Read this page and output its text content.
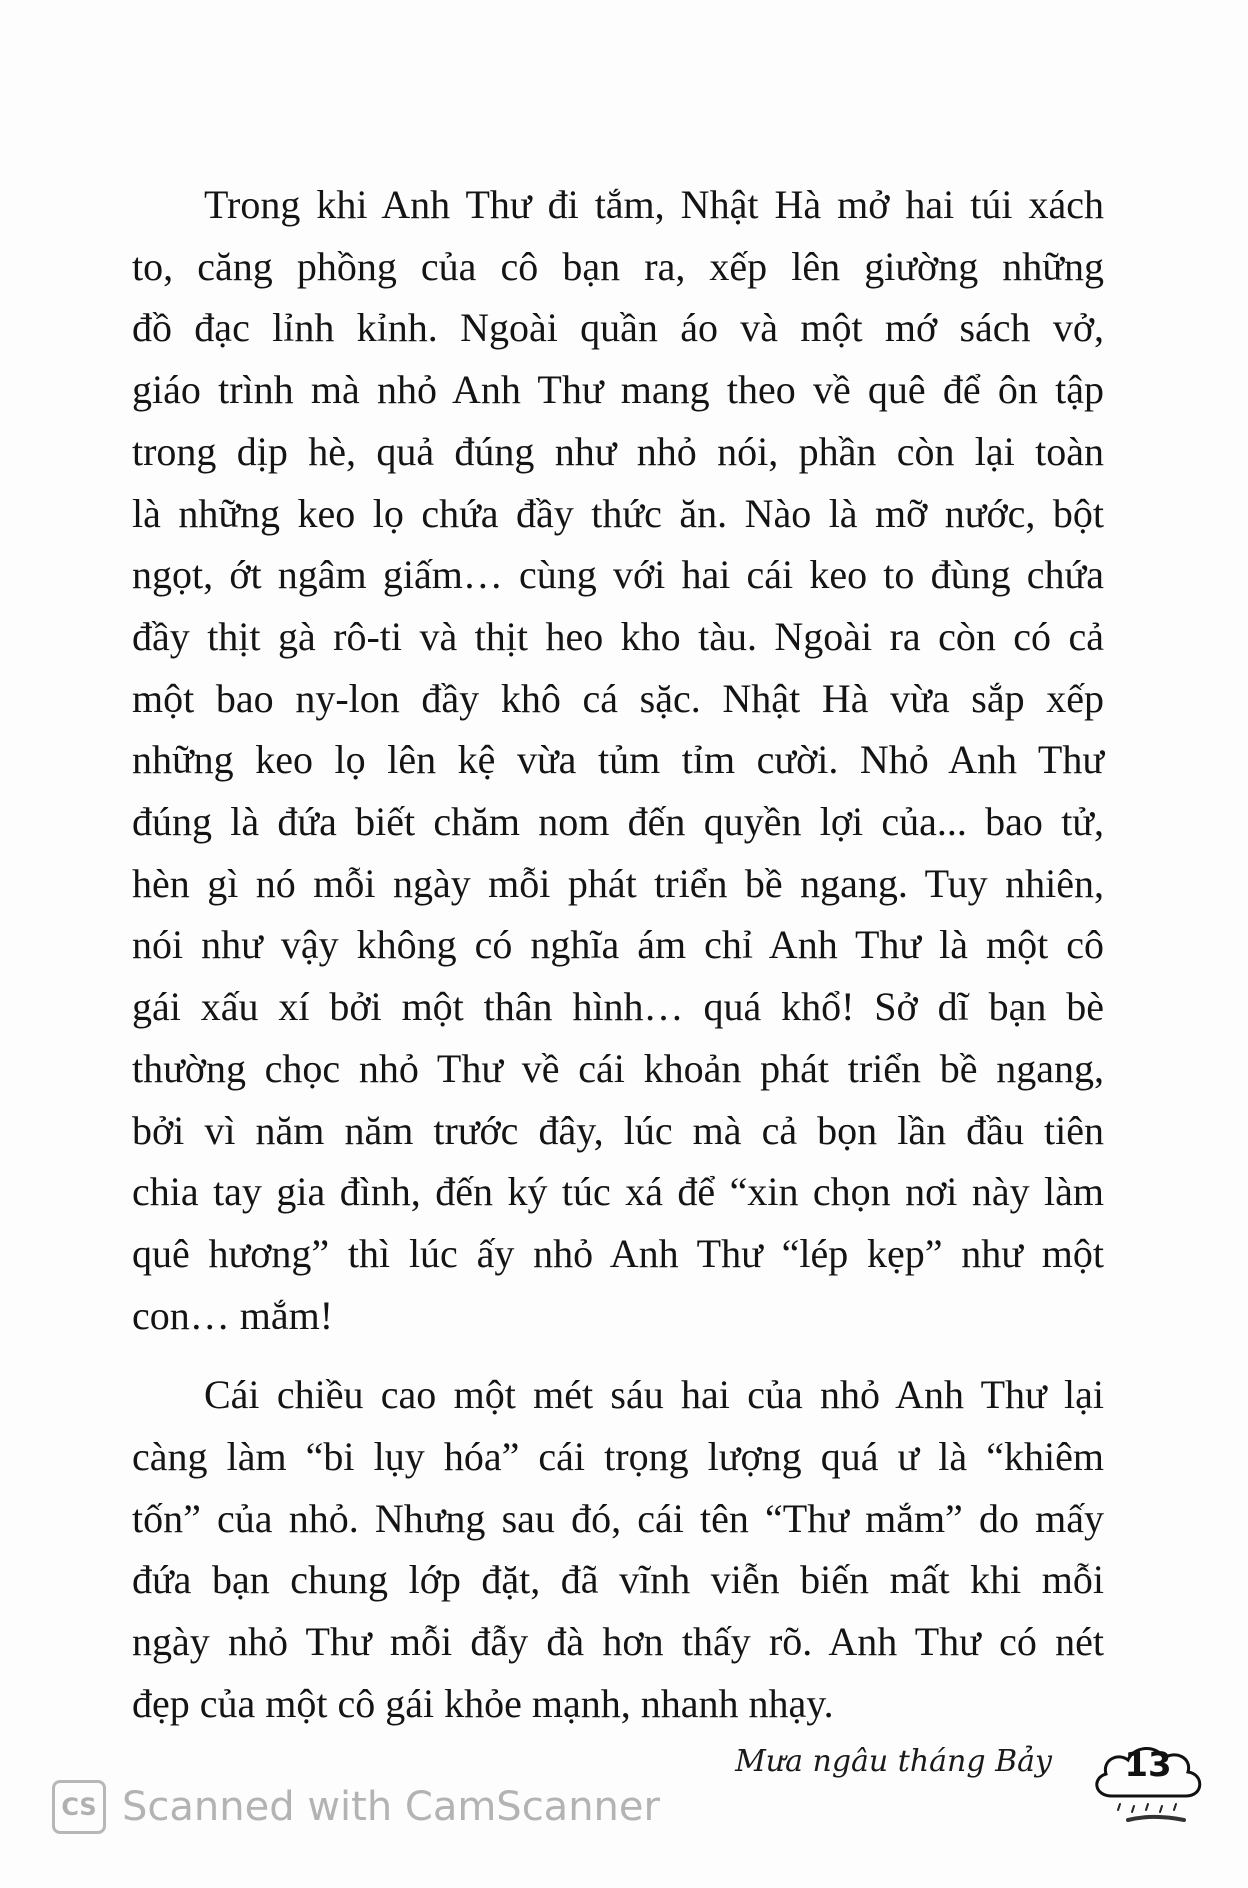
Trong khi Anh Thư đi tắm, Nhật Hà mở hai túi xách
to, căng phồng của cô bạn ra, xếp lên giường những
đồ đạc lỉnh kỉnh. Ngoài quần áo và một mớ sách vở,
giáo trình mà nhỏ Anh Thư mang theo về quê để ôn tập
trong dịp hè, quả đúng như nhỏ nói, phần còn lại toàn
là những keo lọ chứa đầy thức ăn. Nào là mỡ nước, bột
ngọt, ớt ngâm giấm… cùng với hai cái keo to đùng chứa
đầy thịt gà rô-ti và thịt heo kho tàu. Ngoài ra còn có cả
một bao ny-lon đầy khô cá sặc. Nhật Hà vừa sắp xếp
những keo lọ lên kệ vừa tủm tỉm cười. Nhỏ Anh Thư
đúng là đứa biết chăm nom đến quyền lợi của... bao tử,
hèn gì nó mỗi ngày mỗi phát triển bề ngang. Tuy nhiên,
nói như vậy không có nghĩa ám chỉ Anh Thư là một cô
gái xấu xí bởi một thân hình… quá khổ! Sở dĩ bạn bè
thường chọc nhỏ Thư về cái khoản phát triển bề ngang,
bởi vì năm năm trước đây, lúc mà cả bọn lần đầu tiên
chia tay gia đình, đến ký túc xá để “xin chọn nơi này làm
quê hương” thì lúc ấy nhỏ Anh Thư “lép kẹp” như một
con… mắm!

Cái chiều cao một mét sáu hai của nhỏ Anh Thư lại
càng làm “bi lụy hóa” cái trọng lượng quá ư là “khiêm
tốn” của nhỏ. Nhưng sau đó, cái tên “Thư mắm” do mấy
đứa bạn chung lớp đặt, đã vĩnh viễn biến mất khi mỗi
ngày nhỏ Thư mỗi đẫy đà hơn thấy rõ. Anh Thư có nét
đẹp của một cô gái khỏe mạnh, nhanh nhạy.

Mưa ngâu tháng Bảy	13
CS Scanned with CamScanner
